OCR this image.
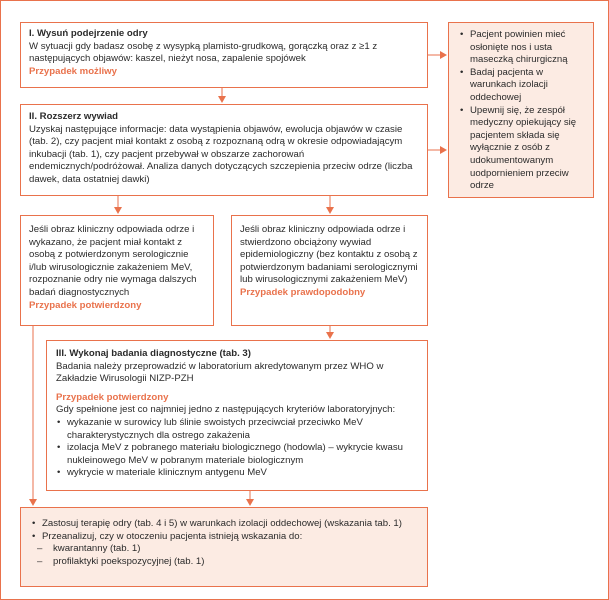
I. Wysuń podejrzenie odry
W sytuacji gdy badasz osobę z wysypką plamisto-grudkową, gorączką oraz z ≥1 z następujących objawów: kaszel, nieżyt nosa, zapalenie spojówek
Przypadek możliwy
II. Rozszerz wywiad
Uzyskaj następujące informacje: data wystąpienia objawów, ewolucja objawów w czasie (tab. 2), czy pacjent miał kontakt z osobą z rozpoznaną odrą w okresie odpowiadającym inkubacji (tab. 1), czy pacjent przebywał w obszarze zachorowań endemicznych/podróżował. Analiza danych dotyczących szczepienia przeciw odrze (liczba dawek, data ostatniej dawki)
• Pacjent powinien mieć osłonięte nos i usta maseczką chirurgiczną
• Badaj pacjenta w warunkach izolacji oddechowej
• Upewnij się, że zespół medyczny opiekujący się pacjentem składa się wyłącznie z osób z udokumentowanym uodpornieniem przeciw odrze
Jeśli obraz kliniczny odpowiada odrze i wykazano, że pacjent miał kontakt z osobą z potwierdzonym serologicznie i/lub wirusologicznie zakażeniem MeV, rozpoznanie odry nie wymaga dalszych badań diagnostycznych
Przypadek potwierdzony
Jeśli obraz kliniczny odpowiada odrze i stwierdzono obciążony wywiad epidemiologiczny (bez kontaktu z osobą z potwierdzonym badaniami serologicznymi lub wirusologicznymi zakażeniem MeV)
Przypadek prawdopodobny
III. Wykonaj badania diagnostyczne (tab. 3)
Badania należy przeprowadzić w laboratorium akredytowanym przez WHO w Zakładzie Wirusologii NIZP-PZH
Przypadek potwierdzony
Gdy spełnione jest co najmniej jedno z następujących kryteriów laboratoryjnych:
• wykazanie w surowicy lub ślinie swoistych przeciwciał przeciwko MeV charakterystycznych dla ostrego zakażenia
• izolacja MeV z pobranego materiału biologicznego (hodowla) – wykrycie kwasu nukleinowego MeV w pobranym materiale biologicznym
• wykrycie w materiale klinicznym antygenu MeV
• Zastosuj terapię odry (tab. 4 i 5) w warunkach izolacji oddechowej (wskazania tab. 1)
• Przeanalizuj, czy w otoczeniu pacjenta istnieją wskazania do:
– kwarantanny (tab. 1)
– profilaktyki poekspozycyjnej (tab. 1)
